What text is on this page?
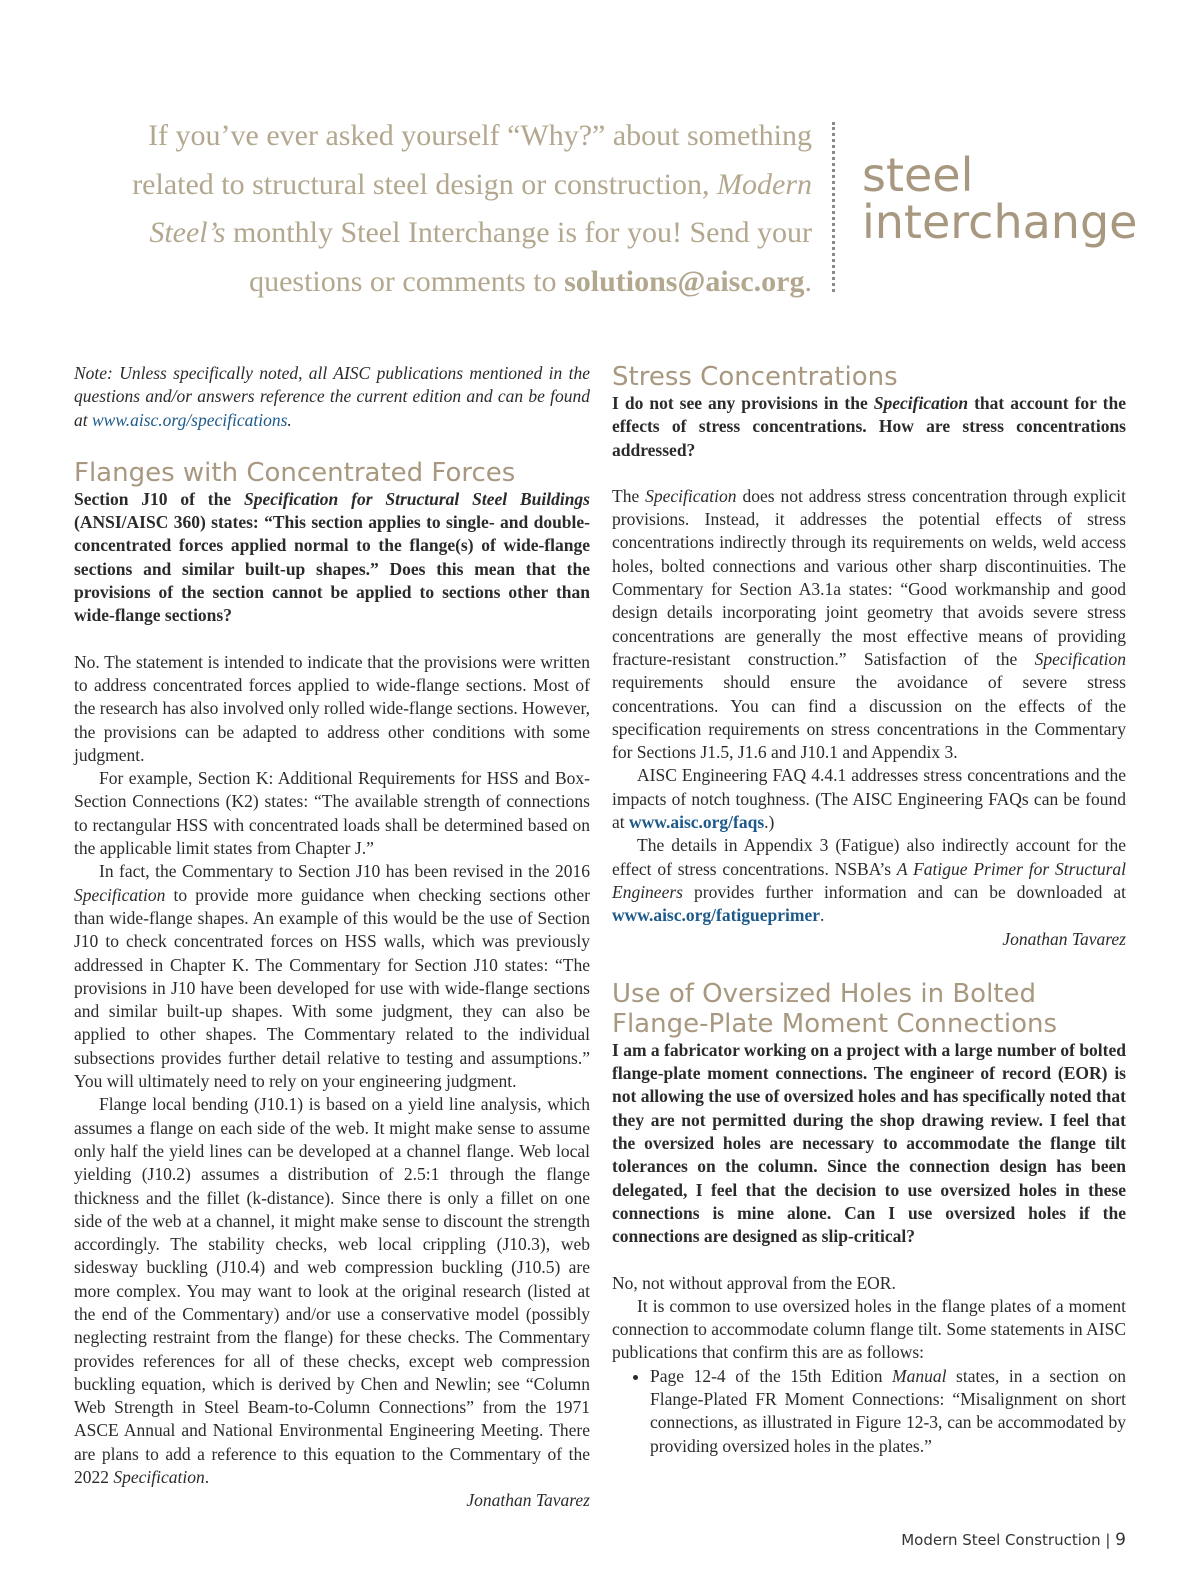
If you’ve ever asked yourself “Why?” about something
related to structural steel design or construction, Modern
Steel’s monthly Steel Interchange is for you! Send your
questions or comments to solutions@aisc.org.
steel
interchange

Note: Unless specifically noted, all AISC publications mentioned in the questions and/or answers reference the current edition and can be found at www.aisc.org/specifications.

Flanges with Concentrated Forces

Section J10 of the Specification for Structural Steel Buildings (ANSI/AISC 360) states: “This section applies to single- and double-concentrated forces applied normal to the flange(s) of wide-flange sections and similar built-up shapes.” Does this mean that the provisions of the section cannot be applied to sections other than wide-flange sections?

No. The statement is intended to indicate that the provisions were written to address concentrated forces applied to wide-flange sections. Most of the research has also involved only rolled wide-flange sections. However, the provisions can be adapted to address other conditions with some judgment.

For example, Section K: Additional Requirements for HSS and Box-Section Connections (K2) states: “The available strength of connections to rectangular HSS with concentrated loads shall be determined based on the applicable limit states from Chapter J.”

In fact, the Commentary to Section J10 has been revised in the 2016 Specification to provide more guidance when checking sections other than wide-flange shapes. An example of this would be the use of Section J10 to check concentrated forces on HSS walls, which was previously addressed in Chapter K. The Commentary for Section J10 states: “The provisions in J10 have been developed for use with wide-flange sections and similar built-up shapes. With some judgment, they can also be applied to other shapes. The Commentary related to the individual subsections provides further detail relative to testing and assumptions.” You will ultimately need to rely on your engineering judgment.

Flange local bending (J10.1) is based on a yield line analysis, which assumes a flange on each side of the web. It might make sense to assume only half the yield lines can be developed at a channel flange. Web local yielding (J10.2) assumes a distribution of 2.5:1 through the flange thickness and the fillet (k-distance). Since there is only a fillet on one side of the web at a channel, it might make sense to discount the strength accordingly. The stability checks, web local crippling (J10.3), web sidesway buckling (J10.4) and web compression buckling (J10.5) are more complex. You may want to look at the original research (listed at the end of the Commentary) and/or use a conservative model (possibly neglecting restraint from the flange) for these checks. The Commentary provides references for all of these checks, except web compression buckling equation, which is derived by Chen and Newlin; see “Column Web Strength in Steel Beam-to-Column Connections” from the 1971 ASCE Annual and National Environmental Engineering Meeting. There are plans to add a reference to this equation to the Commentary of the 2022 Specification.

Jonathan Tavarez

Stress Concentrations

I do not see any provisions in the Specification that account for the effects of stress concentrations. How are stress concentrations addressed?

The Specification does not address stress concentration through explicit provisions. Instead, it addresses the potential effects of stress concentrations indirectly through its requirements on welds, weld access holes, bolted connections and various other sharp discontinuities. The Commentary for Section A3.1a states: “Good workmanship and good design details incorporating joint geometry that avoids severe stress concentrations are generally the most effective means of providing fracture-resistant construction.” Satisfaction of the Specification requirements should ensure the avoidance of severe stress concentrations. You can find a discussion on the effects of the specification requirements on stress concentrations in the Commentary for Sections J1.5, J1.6 and J10.1 and Appendix 3.

AISC Engineering FAQ 4.4.1 addresses stress concentrations and the impacts of notch toughness. (The AISC Engineering FAQs can be found at www.aisc.org/faqs.)

The details in Appendix 3 (Fatigue) also indirectly account for the effect of stress concentrations. NSBA’s A Fatigue Primer for Structural Engineers provides further information and can be downloaded at www.aisc.org/fatigueprimer.

Jonathan Tavarez

Use of Oversized Holes in Bolted
Flange-Plate Moment Connections

I am a fabricator working on a project with a large number of bolted flange-plate moment connections. The engineer of record (EOR) is not allowing the use of oversized holes and has specifically noted that they are not permitted during the shop drawing review. I feel that the oversized holes are necessary to accommodate the flange tilt tolerances on the column. Since the connection design has been delegated, I feel that the decision to use oversized holes in these connections is mine alone. Can I use oversized holes if the connections are designed as slip-critical?

No, not without approval from the EOR.

It is common to use oversized holes in the flange plates of a moment connection to accommodate column flange tilt. Some statements in AISC publications that confirm this are as follows:

• Page 12-4 of the 15th Edition Manual states, in a section on Flange-Plated FR Moment Connections: “Misalignment on short connections, as illustrated in Figure 12-3, can be accommodated by providing oversized holes in the plates.”
Modern Steel Construction | 9
